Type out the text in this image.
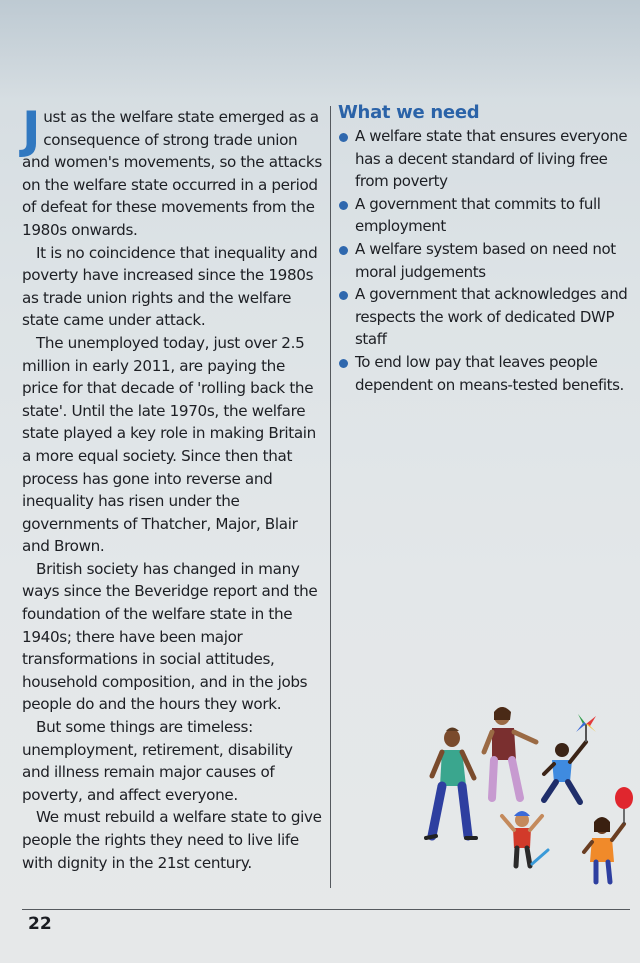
Just as the welfare state emerged as a consequence of strong trade union and women's movements, so the attacks on the welfare state occurred in a period of defeat for these movements from the 1980s onwards.

It is no coincidence that inequality and poverty have increased since the 1980s as trade union rights and the welfare state came under attack.

The unemployed today, just over 2.5 million in early 2011, are paying the price for that decade of 'rolling back the state'. Until the late 1970s, the welfare state played a key role in making Britain a more equal society. Since then that process has gone into reverse and inequality has risen under the governments of Thatcher, Major, Blair and Brown.

British society has changed in many ways since the Beveridge report and the foundation of the welfare state in the 1940s; there have been major transformations in social attitudes, household composition, and in the jobs people do and the hours they work.

But some things are timeless: unemployment, retirement, disability and illness remain major causes of poverty, and affect everyone.

We must rebuild a welfare state to give people the rights they need to live life with dignity in the 21st century.

What we need
A welfare state that ensures everyone has a decent standard of living free from poverty
A government that commits to full employment
A welfare system based on need not moral judgements
A government that acknowledges and respects the work of dedicated DWP staff
To end low pay that leaves people dependent on means-tested benefits.
22
